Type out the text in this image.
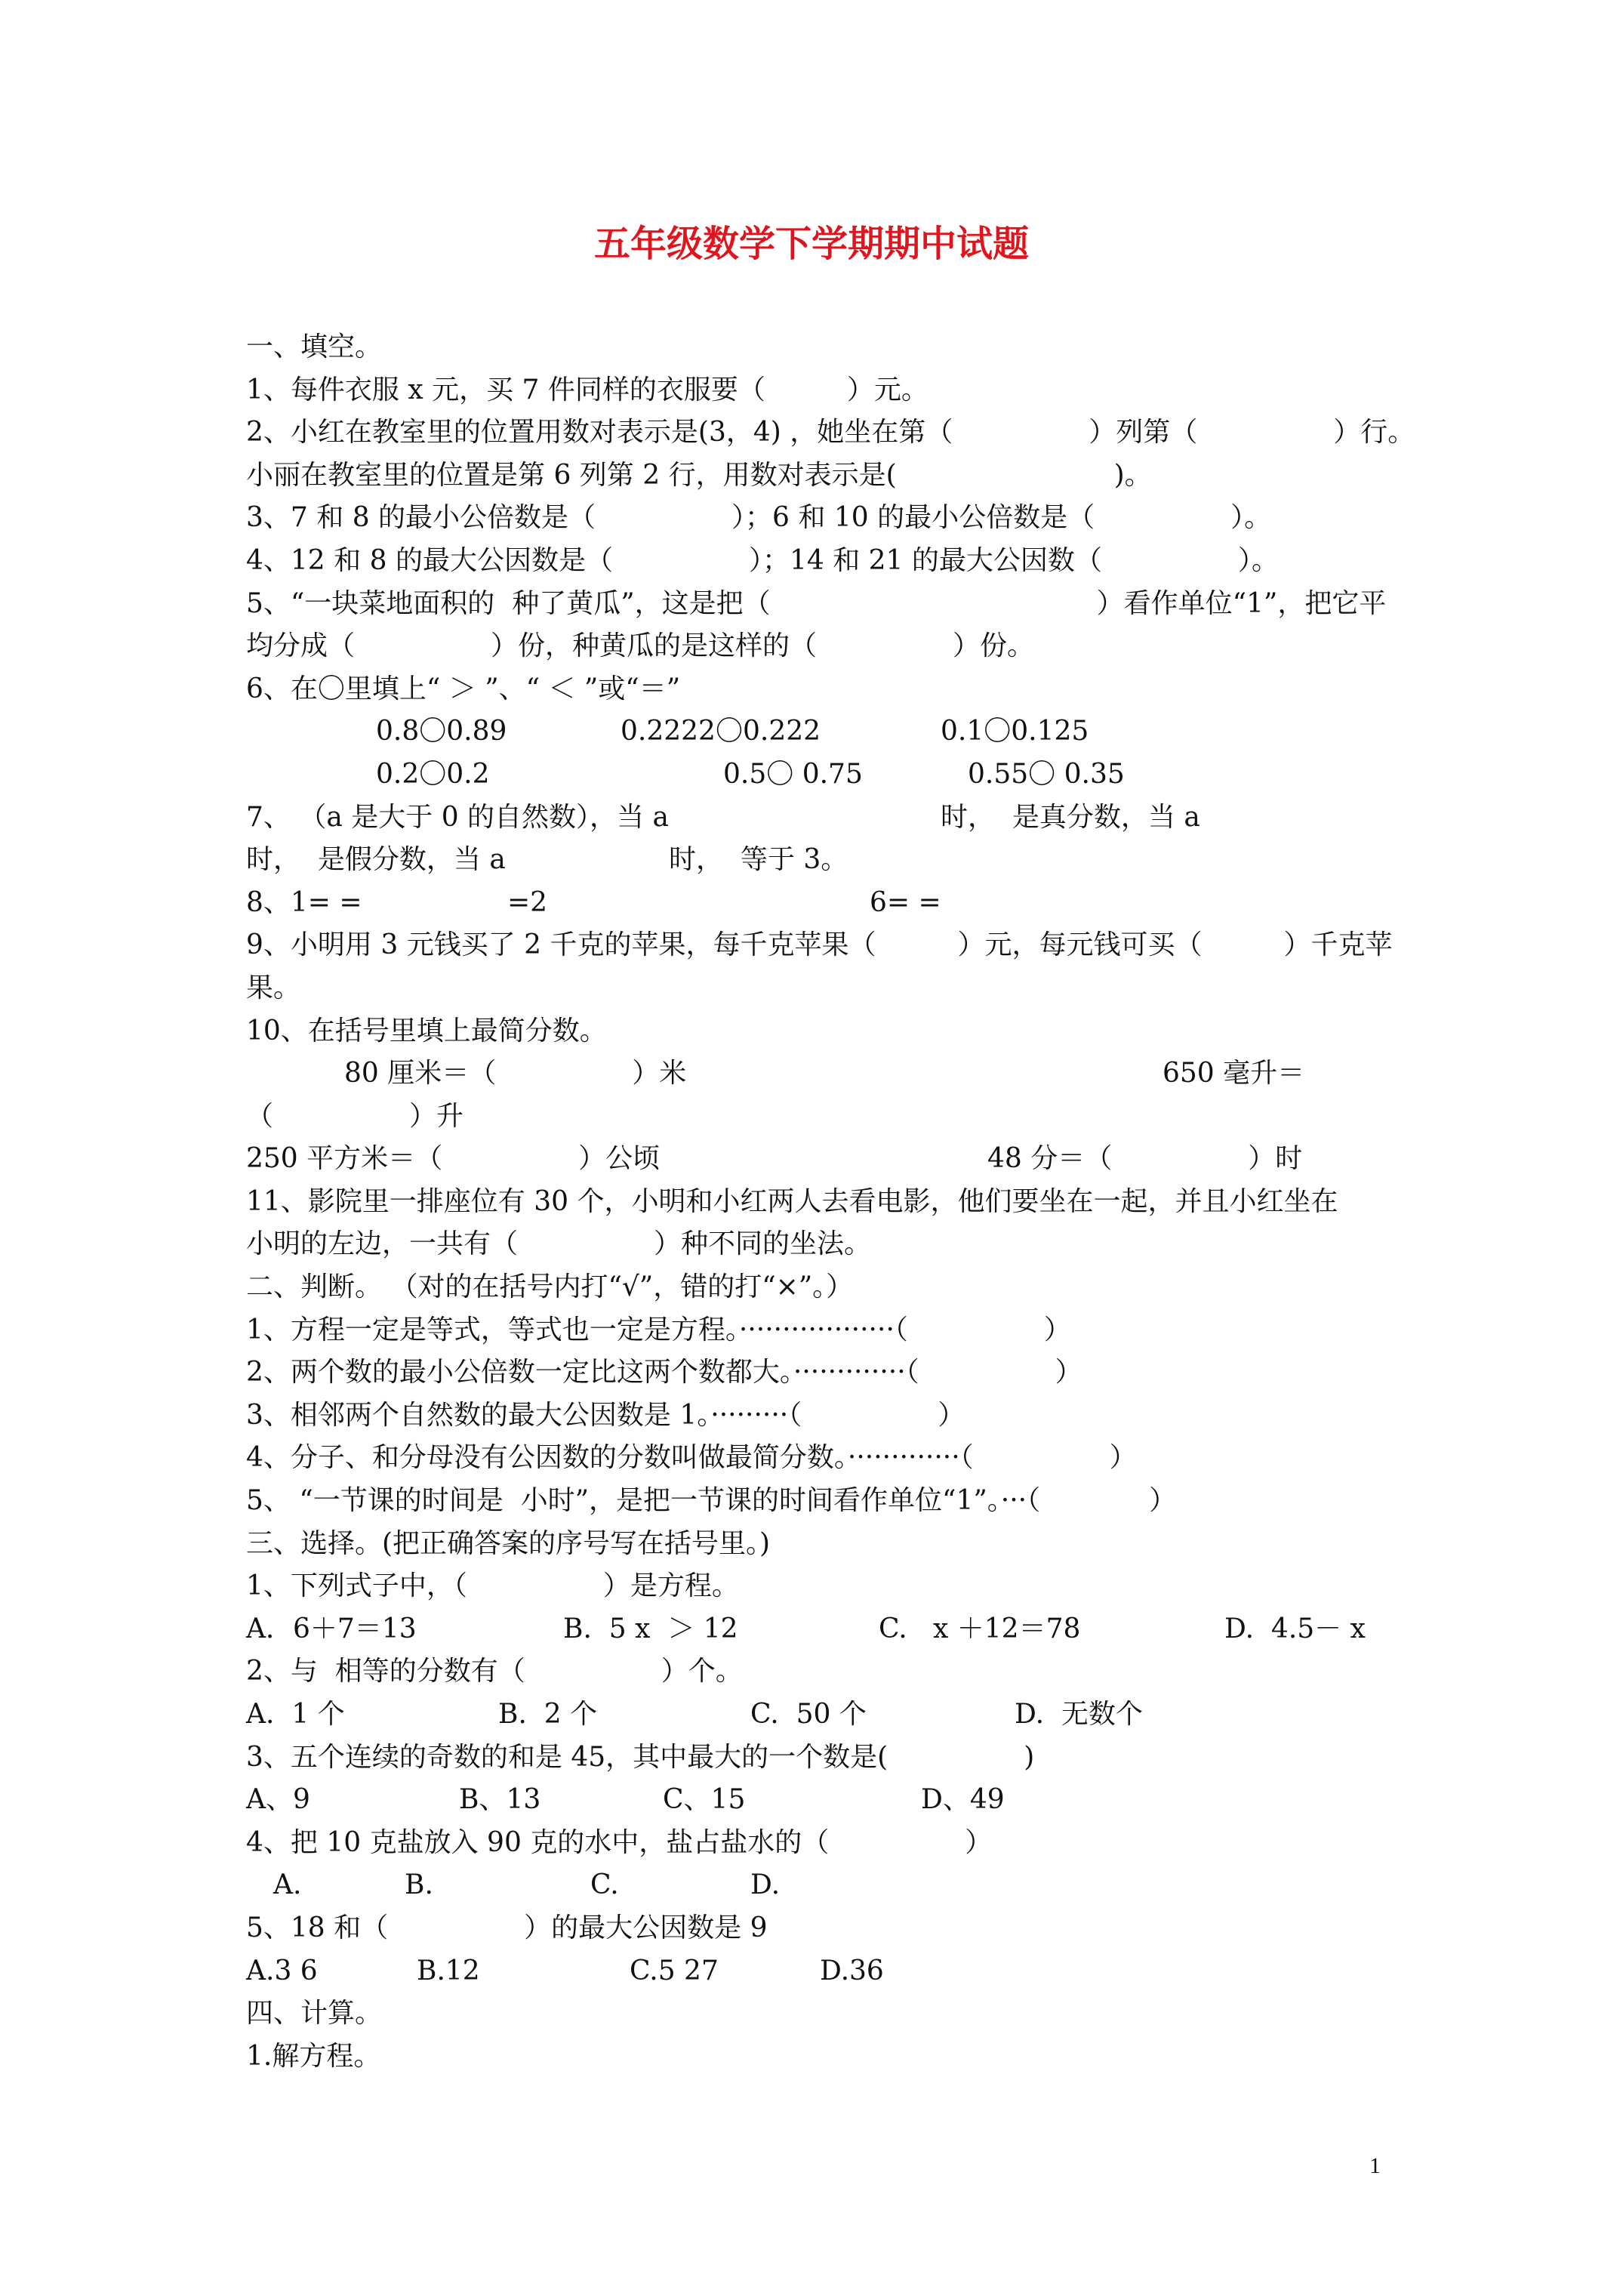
五年级数学下学期期中试题
一、填空。
1、每件衣服 x 元，买 7 件同样的衣服要（　　　）元。
2、小红在教室里的位置用数对表示是(3，4) ，她坐在第（　　　　　）列第（　　　　　）行。
小丽在教室里的位置是第 6 列第 2 行，用数对表示是(　　　　　　　　)。
3、7 和 8 的最小公倍数是（　　　　　）；6 和 10 的最小公倍数是（　　　　　）。
4、12 和 8 的最大公因数是（　　　　　）；14 和 21 的最大公因数（　　　　　）。
5、“一块菜地面积的  种了黄瓜”，这是把（　　　　　　　　　　　　）看作单位“1”，把它平
均分成（　　　　　）份，种黄瓜的是这样的（　　　　　）份。
6、在〇里填上“ ＞ ”、“ ＜ ”或“＝”
0.8〇0.89	0.2222〇0.222	0.1〇0.125
0.2〇0.2	0.5〇 0.75	0.55〇 0.35
7、 （a 是大于 0 的自然数），当 a	时，  是真分数，当 a
时，  是假分数，当 a	时，  等于 3。
8、1= =	=2	6= =
9、小明用 3 元钱买了 2 千克的苹果，每千克苹果（　　　）元，每元钱可买（　　　）千克苹
果。
10、在括号里填上最简分数。
80 厘米＝（　　　　　）米	650 毫升＝
（　　　　　）升
250 平方米＝（　　　　　）公顷	48 分＝（　　　　　）时
11、影院里一排座位有 30 个，小明和小红两人去看电影，他们要坐在一起，并且小红坐在
小明的左边，一共有（　　　　　）种不同的坐法。
二、判断。 （对的在括号内打“√”，错的打“×”。）
1、方程一定是等式，等式也一定是方程。··················（　　　　　）
2、两个数的最小公倍数一定比这两个数都大。·············（　　　　　）
3、相邻两个自然数的最大公因数是 1。·········（　　　　　）
4、分子、和分母没有公因数的分数叫做最简分数。·············（　　　　　）
5、 “一节课的时间是  小时”，是把一节课的时间看作单位“1”。···（　　　　）
三、选择。(把正确答案的序号写在括号里。)
1、下列式子中，（　　　　　）是方程。
A．6＋7＝13	B.  5 x  ＞ 12	C.   x ＋12＝78	D.  4.5－ x
2、与  相等的分数有（　　　　　）个。
A.  1 个	B.  2 个	C.  50 个	D.  无数个
3、五个连续的奇数的和是 45，其中最大的一个数是(　　　　　)
A、9	B、13	C、15	D、49
4、把 10 克盐放入 90 克的水中，盐占盐水的（　　　　　）
A.	B.	C.	D.
5、18 和（　　　　　）的最大公因数是 9
A.3 6	B.12	C.5 27	D.36
四、计算。
1.解方程。
1
